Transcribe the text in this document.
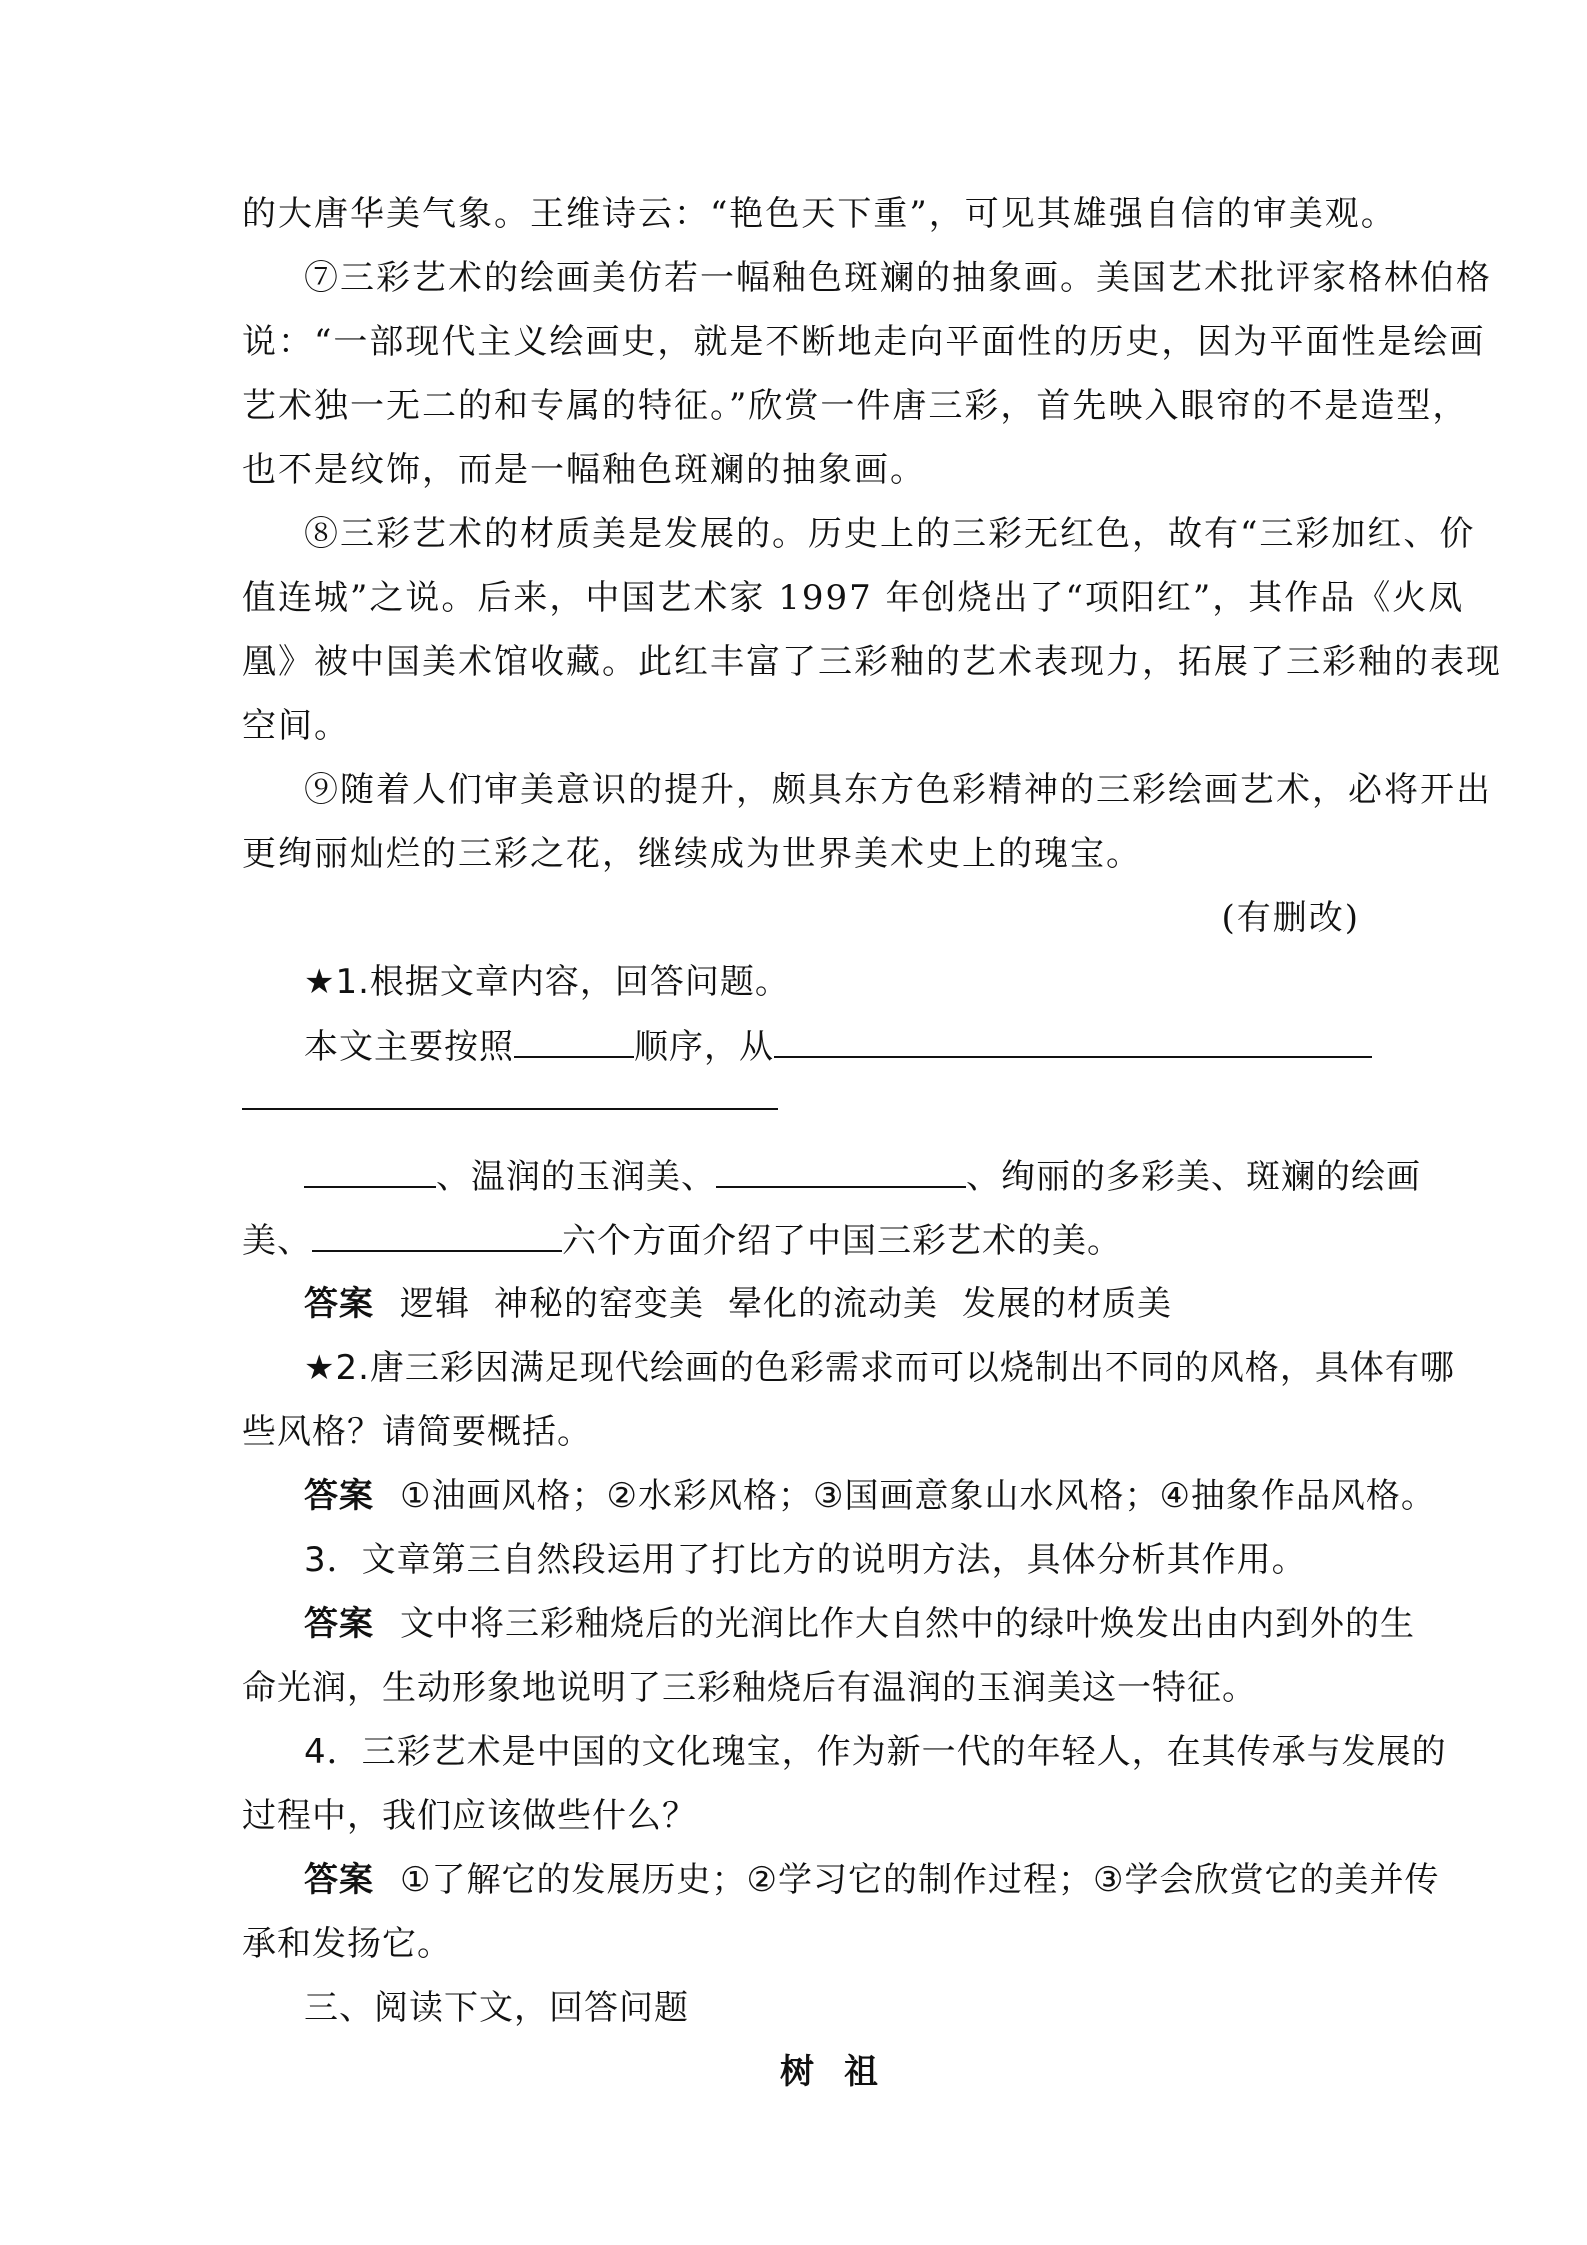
的大唐华美气象。王维诗云：“艳色天下重”，可见其雄强自信的审美观。
⑦三彩艺术的绘画美仿若一幅釉色斑斓的抽象画。美国艺术批评家格林伯格
说：“一部现代主义绘画史，就是不断地走向平面性的历史，因为平面性是绘画
艺术独一无二的和专属的特征。”欣赏一件唐三彩，首先映入眼帘的不是造型，
也不是纹饰，而是一幅釉色斑斓的抽象画。
⑧三彩艺术的材质美是发展的。历史上的三彩无红色，故有“三彩加红、价
值连城”之说。后来，中国艺术家 1997 年创烧出了“项阳红”，其作品《火凤
凰》被中国美术馆收藏。此红丰富了三彩釉的艺术表现力，拓展了三彩釉的表现
空间。
⑨随着人们审美意识的提升，颇具东方色彩精神的三彩绘画艺术，必将开出
更绚丽灿烂的三彩之花，继续成为世界美术史上的瑰宝。
(有删改)
★1.根据文章内容，回答问题。
本文主要按照	顺序，从
、温润的玉润美、	、绚丽的多彩美、斑斓的绘画
美、	六个方面介绍了中国三彩艺术的美。
答案 逻辑 神秘的窑变美 晕化的流动美 发展的材质美
★2.唐三彩因满足现代绘画的色彩需求而可以烧制出不同的风格，具体有哪
些风格？请简要概括。
答案 ①油画风格；②水彩风格；③国画意象山水风格；④抽象作品风格。
3．文章第三自然段运用了打比方的说明方法，具体分析其作用。
答案 文中将三彩釉烧后的光润比作大自然中的绿叶焕发出由内到外的生
命光润，生动形象地说明了三彩釉烧后有温润的玉润美这一特征。
4．三彩艺术是中国的文化瑰宝，作为新一代的年轻人，在其传承与发展的
过程中，我们应该做些什么？
答案 ①了解它的发展历史；②学习它的制作过程；③学会欣赏它的美并传
承和发扬它。
三、阅读下文，回答问题
树祖
